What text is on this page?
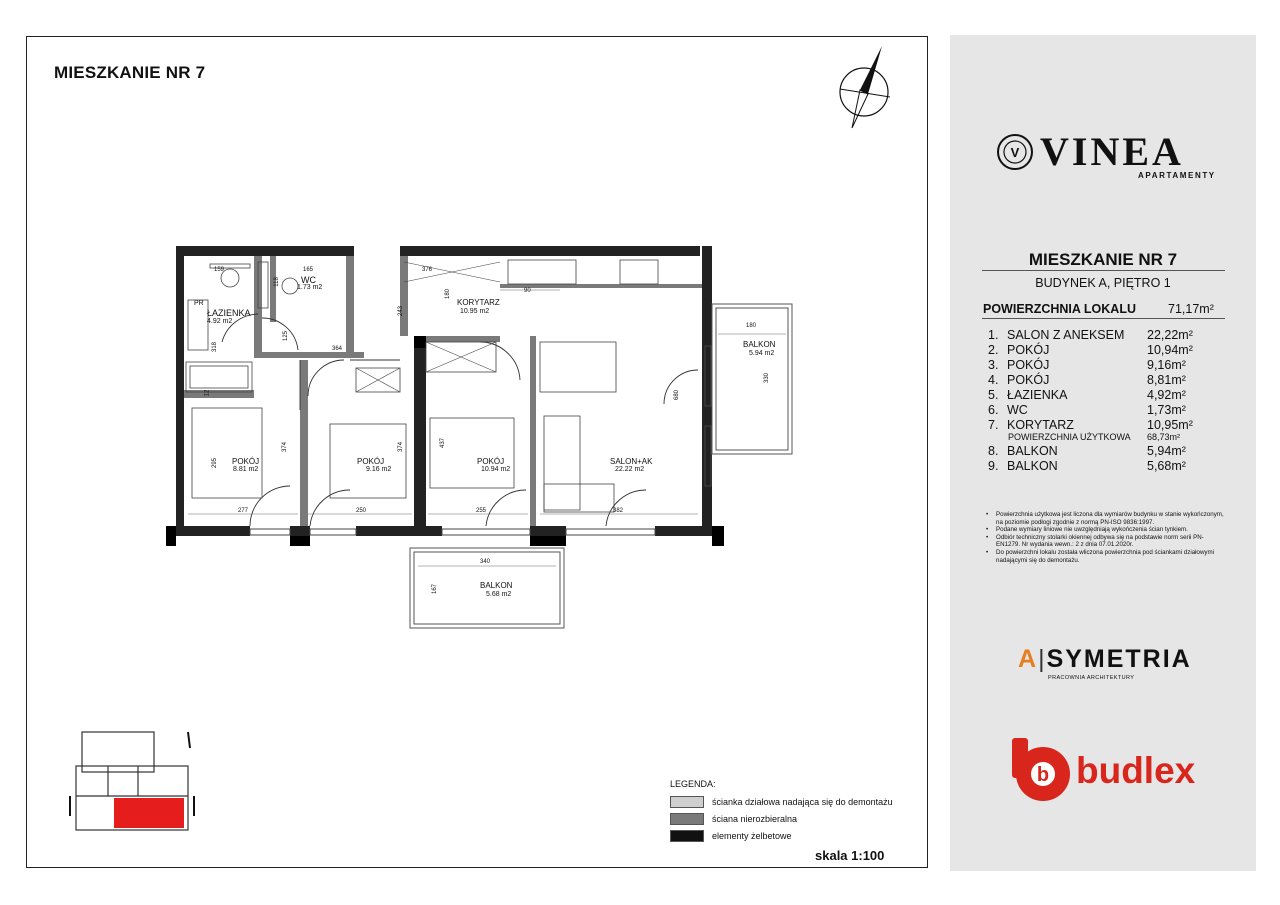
MIESZKANIE NR 7
WC
1.73 m2
ŁAZIENKA
4.92 m2
KORYTARZ
10.95 m2
POKÓJ
8.81 m2
POKÓJ
9.16 m2
POKÓJ
10.94 m2
SALON+AK
22.22 m2
BALKON
5.94 m2
BALKON
5.68 m2
PR
159	165
118
376
90
180
243
125
364
180
330
680
12
318
295
374	374	437
277	250	255	382
340
167
LEGENDA:
ścianka działowa nadająca się do demontażu
ściana nierozbieralna
elementy żelbetowe
skala 1:100
V VINEA
APARTAMENTY
MIESZKANIE NR 7
BUDYNEK A, PIĘTRO 1
POWIERZCHNIA LOKALU	71,17m²
1. SALON Z ANEKSEM 22,22m²
2. POKÓJ	10,94m²
3. POKÓJ	9,16m²
4. POKÓJ	8,81m²
5. ŁAZIENKA	4,92m²
6. WC	1,73m²
7. KORYTARZ	10,95m²
POWIERZCHNIA UŻYTKOWA 68,73m²
8. BALKON	5,94m²
9. BALKON	5,68m²
• Powierzchnia użytkowa jest liczona dla wymiarów budynku w stanie wykończonym, na poziomie podłogi zgodnie z normą PN-ISO 9836:1997.
• Podane wymiary liniowe nie uwzględniają wykończenia ścian tynkiem.
• Odbiór techniczny stolarki okiennej odbywa się na podstawie norm serii PN-EN1279. Nr wydania wewn.: 2 z dnia 07.01.2020r.
• Do powierzchni lokalu została wliczona powierzchnia pod ściankami działowymi nadającymi się do demontażu.
A|SYMETRIA
PRACOWNIA ARCHITEKTURY
b budlex
